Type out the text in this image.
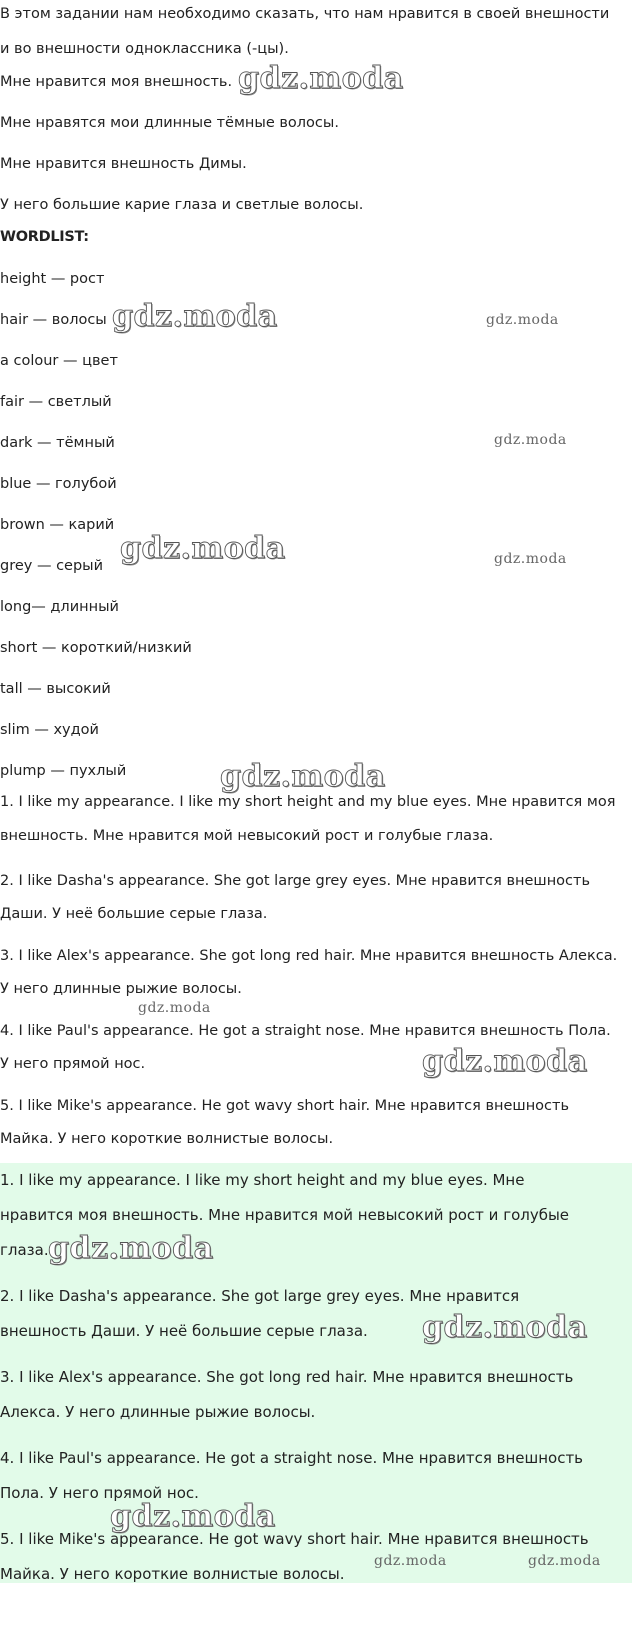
В этом задании нам необходимо сказать, что нам нравится в своей внешности

и во внешности одноклассника (-цы).

Мне нравится моя внешность.

Мне нравятся мои длинные тёмные волосы.

Мне нравится внешность Димы.

У него большие карие глаза и светлые волосы.

WORDLIST:

height — рост

hair — волосы

a colour — цвет

fair — светлый

dark — тёмный

blue — голубой

brown — карий

grey — серый

long— длинный

short — короткий/низкий

tall — высокий

slim — худой

plump — пухлый

1. I like my appearance. I like my short height and my blue eyes. Мне нравится моя

внешность. Мне нравится мой невысокий рост и голубые глаза.

2. I like Dasha's appearance. She got large grey eyes. Мне нравится внешность

Даши. У неё большие серые глаза.

3. I like Alex's appearance. She got long red hair. Мне нравится внешность Алекса.

У него длинные рыжие волосы.

4. I like Paul's appearance. He got a straight nose. Мне нравится внешность Пола.

У него прямой нос.

5. I like Mike's appearance. He got wavy short hair. Мне нравится внешность

Майка. У него короткие волнистые волосы.

1. I like my appearance. I like my short height and my blue eyes. Мне

нравится моя внешность. Мне нравится мой невысокий рост и голубые

глаза.

2. I like Dasha's appearance. She got large grey eyes. Мне нравится

внешность Даши. У неё большие серые глаза.

3. I like Alex's appearance. She got long red hair. Мне нравится внешность

Алекса. У него длинные рыжие волосы.

4. I like Paul's appearance. He got a straight nose. Мне нравится внешность

Пола. У него прямой нос.

5. I like Mike's appearance. He got wavy short hair. Мне нравится внешность

Майка. У него короткие волнистые волосы.

gdz.moda
gdz.moda	gdz.moda
gdz.moda
gdz.moda	gdz.moda
gdz.moda
gdz.moda
gdz.moda
gdz.moda
gdz.moda
gdz.moda
gdz.moda	gdz.moda
